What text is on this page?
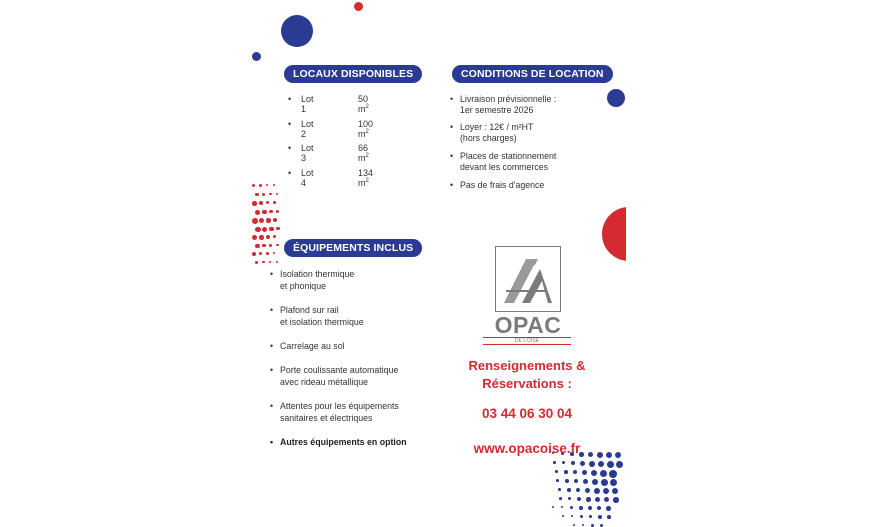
LOCAUX DISPONIBLES
• Lot 1
50 $m^2$
• Lot 2
100 $m^2$
• Lot 3
66 $m^2$
• Lot 4
134 $m^2$
CONDITIONS DE LOCATION
• Livraison prévisionnelle :
1er semestre 2026
• Loyer : 12€ / m²HT
(hors charges)
• Places de stationnement
devant les commerces
• Pas de frais d'agence
ÉQUIPEMENTS INCLUS
• Isolation thermique
et phonique
• Plafond sur rail
et isolation thermique
• Carrelage au sol
• Porte coulissante automatique
avec rideau métallique
• Attentes pour les équipements
sanitaires et électriques
• Autres équipements en option
OPAC
DE L'OISE
Renseignements &
Réservations :
03 44 06 30 04
www.opacoise.fr
